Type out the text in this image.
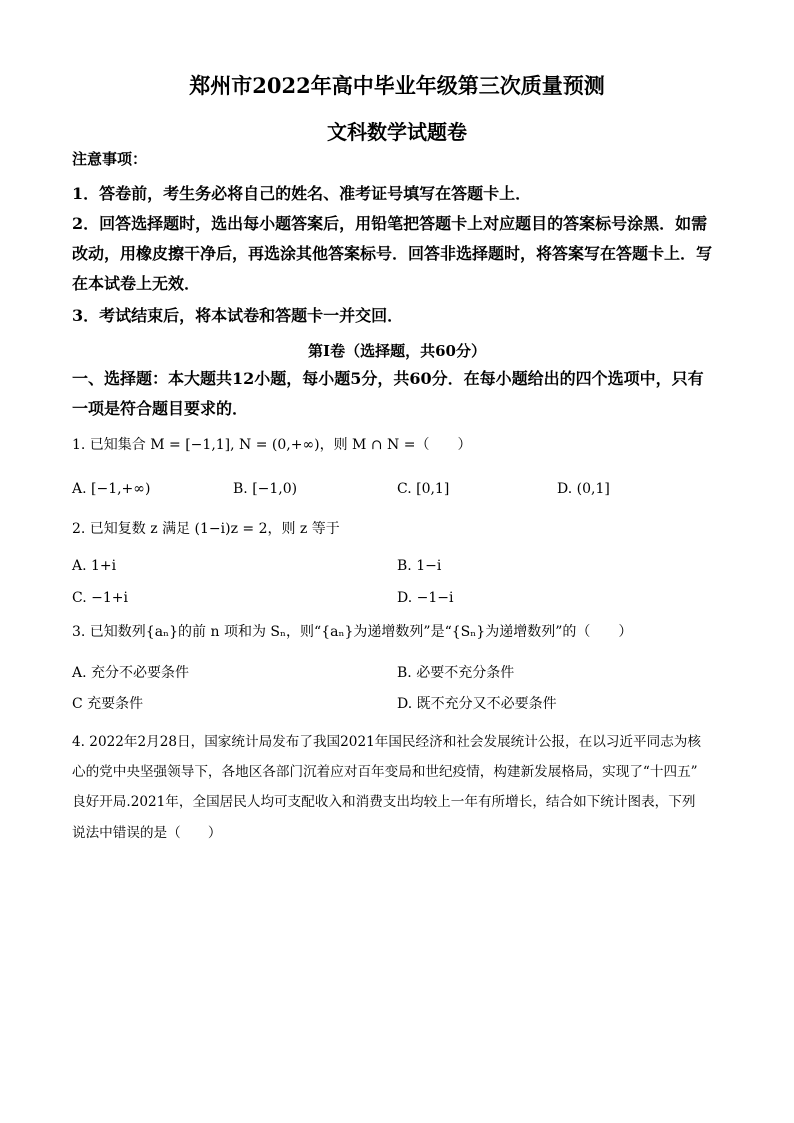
郑州市2022年高中毕业年级第三次质量预测
文科数学试题卷
注意事项：
1．答卷前，考生务必将自己的姓名、准考证号填写在答题卡上．
2．回答选择题时，选出每小题答案后，用铅笔把答题卡上对应题目的答案标号涂黑．如需
改动，用橡皮擦干净后，再选涂其他答案标号．回答非选择题时，将答案写在答题卡上．写
在本试卷上无效．
3．考试结束后，将本试卷和答题卡一并交回．
第Ⅰ卷（选择题，共60分）
一、选择题：本大题共12小题，每小题5分，共60分．在每小题给出的四个选项中，只有
一项是符合题目要求的．
1. 已知集合 M = [−1,1], N = (0,+∞)，则 M ∩ N =（　　）
A. [−1,+∞)	B. [−1,0)	C. [0,1]	D. (0,1]
2. 已知复数 z 满足 (1−i)z = 2，则 z 等于
A. 1+i	B. 1−i
C. −1+i	D. −1−i
3. 已知数列{aₙ}的前 n 项和为 Sₙ，则“{aₙ}为递增数列”是“{Sₙ}为递增数列”的（　　）
A. 充分不必要条件	B. 必要不充分条件
C 充要条件	D. 既不充分又不必要条件
4. 2022年2月28日，国家统计局发布了我国2021年国民经济和社会发展统计公报，在以习近平同志为核
心的党中央坚强领导下，各地区各部门沉着应对百年变局和世纪疫情，构建新发展格局，实现了“十四五”
良好开局.2021年，全国居民人均可支配收入和消费支出均较上一年有所增长，结合如下统计图表，下列
说法中错误的是（　　）
